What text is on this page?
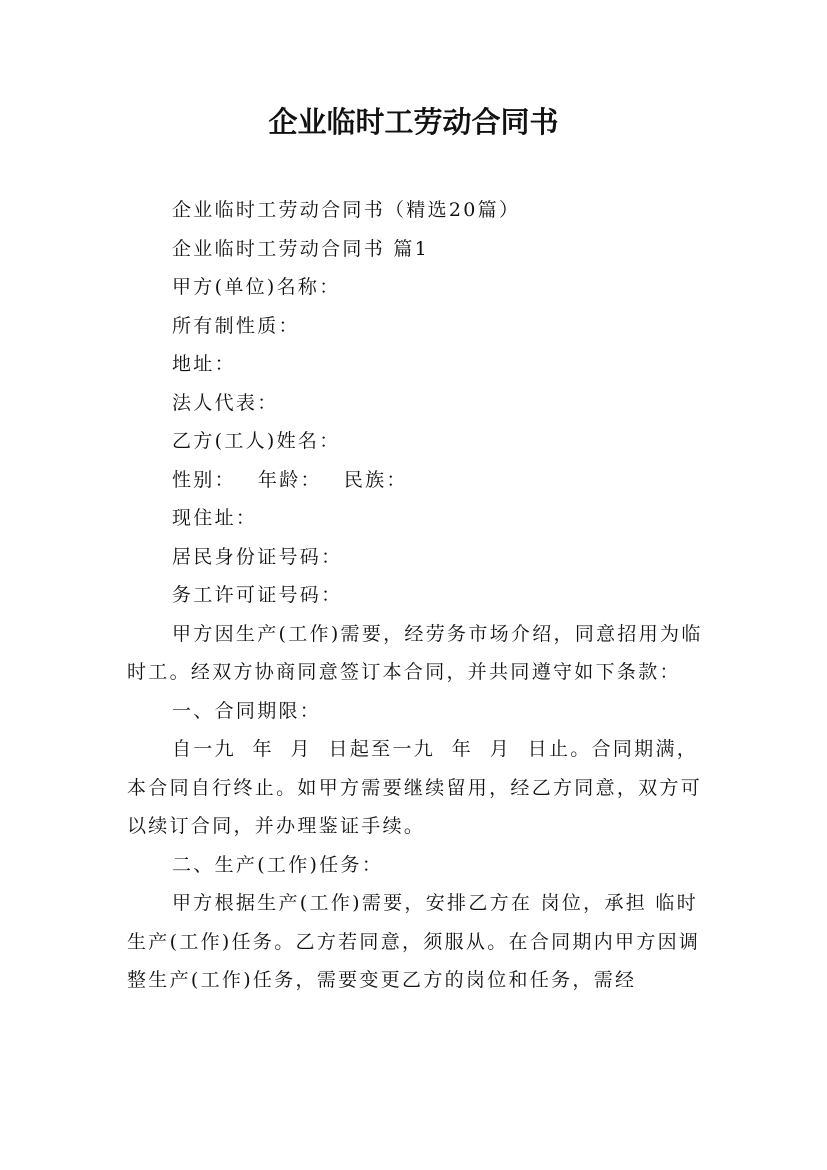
企业临时工劳动合同书

企业临时工劳动合同书（精选20篇）

企业临时工劳动合同书 篇1

甲方(单位)名称：

所有制性质：

地址：

法人代表：

乙方(工人)姓名：

性别： 年龄： 民族：

现住址：

居民身份证号码：

务工许可证号码：

甲方因生产(工作)需要，经劳务市场介绍，同意招用为临时工。经双方协商同意签订本合同，并共同遵守如下条款：

一、合同期限：

自一九  年  月  日起至一九  年  月  日止。合同期满，本合同自行终止。如甲方需要继续留用，经乙方同意，双方可以续订合同，并办理鉴证手续。

二、生产(工作)任务：

甲方根据生产(工作)需要，安排乙方在 岗位，承担 临时生产(工作)任务。乙方若同意，须服从。在合同期内甲方因调整生产(工作)任务，需要变更乙方的岗位和任务，需经
